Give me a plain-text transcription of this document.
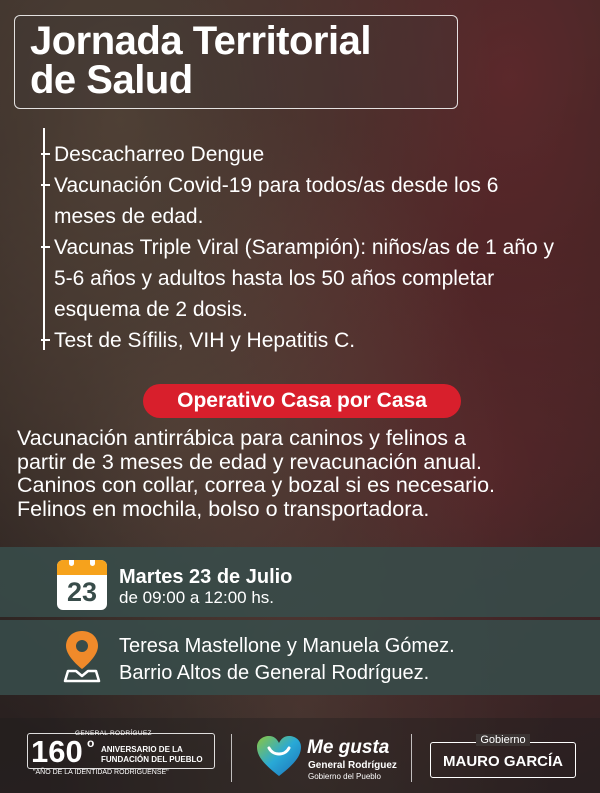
Jornada Territorial
de Salud
Descacharreo Dengue
Vacunación Covid-19 para todos/as desde los 6 meses de edad.
Vacunas Triple Viral (Sarampión): niños/as de 1 año y 5-6 años y adultos hasta los 50 años completar esquema de 2 dosis.
Test de Sífilis, VIH y Hepatitis C.
Operativo Casa por Casa

Vacunación antirrábica para caninos y felinos a
partir de 3 meses de edad y revacunación anual.
Caninos con collar, correa y bozal si es necesario.
Felinos en mochila, bolso o transportadora.

23	Martes 23 de Julio
de 09:00 a 12:00 hs.
Teresa Mastellone y Manuela Gómez.
Barrio Altos de General Rodríguez.
GENERAL RODRÍGUEZ
160 o ANIVERSARIO DE LA
FUNDACIÓN DEL PUEBLO
"AÑO DE LA IDENTIDAD RODRIGUENSE"
Me gusta
General Rodríguez
Gobierno del Pueblo
Gobierno
MAURO GARCÍA
